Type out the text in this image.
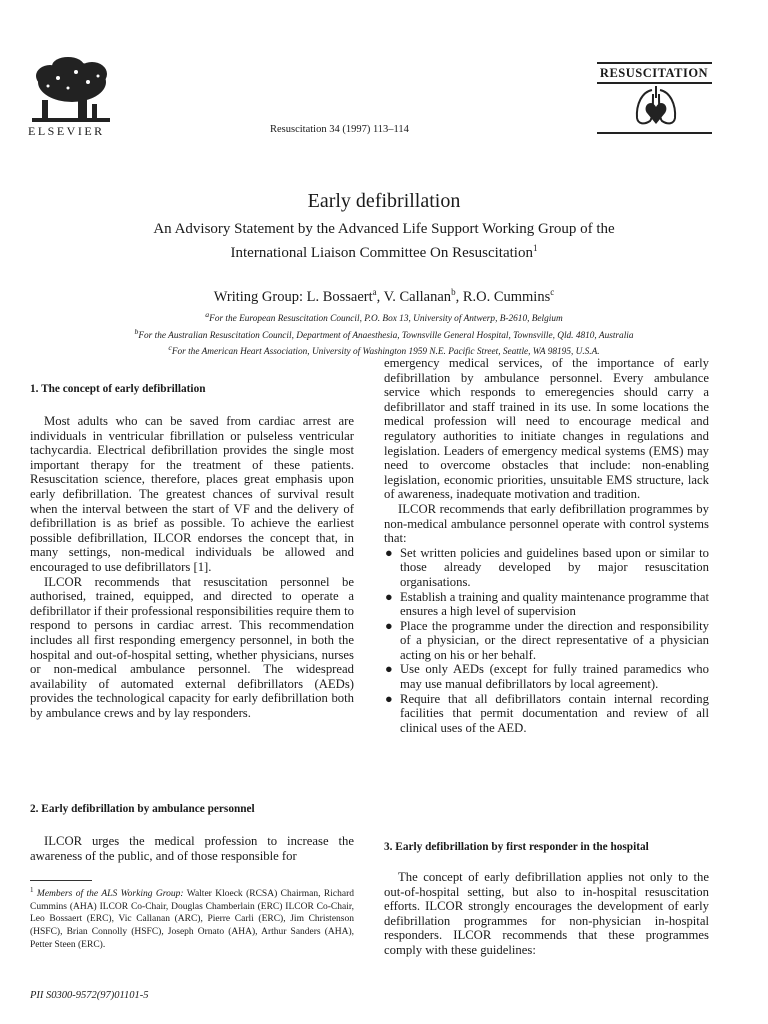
ELSEVIER	Resuscitation 34 (1997) 113–114
RESUSCITATION
Early defibrillation
An Advisory Statement by the Advanced Life Support Working Group of the
International Liaison Committee On Resuscitation$^1$
Writing Group: L. Bossaert$^a$, V. Callanan$^b$, R.O. Cummins$^c$
$^a$For the European Resuscitation Council, P.O. Box 13, University of Antwerp, B-2610, Belgium
$^b$For the Australian Resuscitation Council, Department of Anaesthesia, Townsville General Hospital, Townsville, Qld. 4810, Australia
$^c$For the American Heart Association, University of Washington 1959 N.E. Pacific Street, Seattle, WA 98195, U.S.A.
1. The concept of early defibrillation

Most adults who can be saved from cardiac arrest are individuals in ventricular fibrillation or pulseless ventricular tachycardia. Electrical defibrillation provides the single most important therapy for the treatment of these patients. Resuscitation science, therefore, places great emphasis upon early defibrillation. The greatest chances of survival result when the interval between the start of VF and the delivery of defibrillation is as brief as possible. To achieve the earliest possible defibrillation, ILCOR endorses the concept that, in many settings, non-medical individuals be allowed and encouraged to use defibrillators [1].

ILCOR recommends that resuscitation personnel be authorised, trained, equipped, and directed to operate a defibrillator if their professional responsibilities require them to respond to persons in cardiac arrest. This recommendation includes all first responding emergency personnel, in both the hospital and out-of-hospital setting, whether physicians, nurses or non-medical ambulance personnel. The widespread availability of automated external defibrillators (AEDs) provides the technological capacity for early defibrillation both by ambulance crews and by lay responders.

2. Early defibrillation by ambulance personnel

ILCOR urges the medical profession to increase the awareness of the public, and of those responsible for

$^1$ Members of the ALS Working Group: Walter Kloeck (RCSA) Chairman, Richard Cummins (AHA) ILCOR Co-Chair, Douglas Chamberlain (ERC) ILCOR Co-Chair, Leo Bossaert (ERC), Vic Callanan (ARC), Pierre Carli (ERC), Jim Christenson (HSFC), Brian Connolly (HSFC), Joseph Ornato (AHA), Arthur Sanders (AHA), Petter Steen (ERC).
PII S0300-9572(97)01101-5

emergency medical services, of the importance of early defibrillation by ambulance personnel. Every ambulance service which responds to emeregencies should carry a defibrillator and staff trained in its use. In some locations the medical profession will need to encourage medical and regulatory authorities to initiate changes in regulations and legislation. Leaders of emergency medical systems (EMS) may need to overcome obstacles that include: non-enabling legislation, economic priorities, unsuitable EMS structure, lack of awareness, inadequate motivation and tradition.

ILCOR recommends that early defibrillation programmes by non-medical ambulance personnel operate with control systems that:

● Set written policies and guidelines based upon or similar to those already developed by major resuscitation organisations.
● Establish a training and quality maintenance programme that ensures a high level of supervision
● Place the programme under the direction and responsibility of a physician, or the direct representative of a physician acting on his or her behalf.
● Use only AEDs (except for fully trained paramedics who may use manual defibrillators by local agreement).
● Require that all defibrillators contain internal recording facilities that permit documentation and review of all clinical uses of the AED.
3. Early defibrillation by first responder in the hospital

The concept of early defibrillation applies not only to the out-of-hospital setting, but also to in-hospital resuscitation efforts. ILCOR strongly encourages the development of early defibrillation programmes for non-physician in-hospital responders. ILCOR recommends that these programmes comply with these guidelines:
